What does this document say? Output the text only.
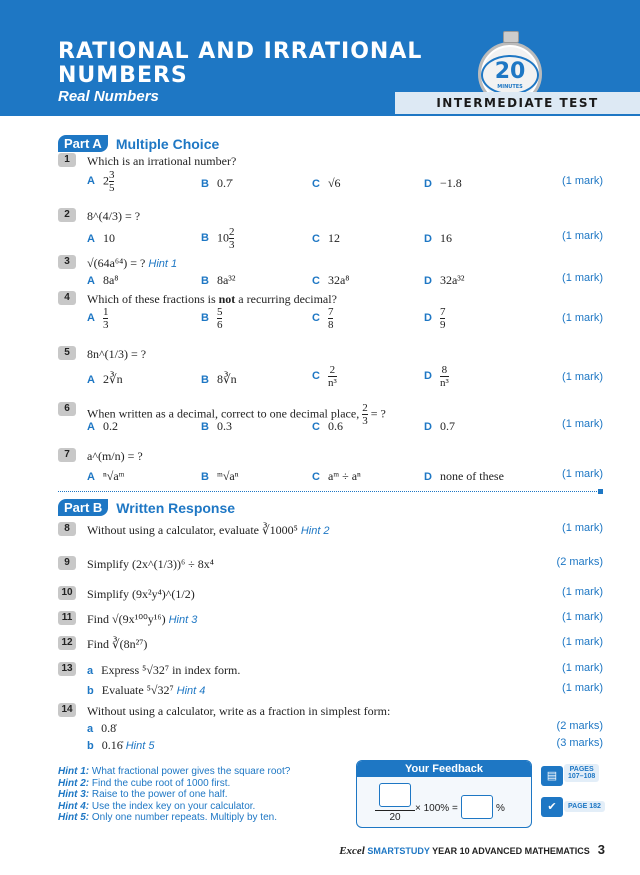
RATIONAL AND IRRATIONAL
NUMBERS
Real Numbers
20
MINUTES
INTERMEDIATE TEST
Part A	Multiple Choice
1	Which is an irrational number?
A $2 \frac{3}{5}$	B 0.7̇	C √6	D −1.8	(1 mark)
2	8^(4/3) = ?
A 10	B $10 \frac{2}{3}$	C 12	D 16	(1 mark)
3	√(64a⁶⁴) = ? Hint 1
A 8a⁸	B 8a³²	C 32a⁸	D 32a³²	(1 mark)
4	Which of these fractions is not a recurring decimal?
A $\frac{1}{3}$	B $\frac{5}{6}$	C $\frac{7}{8}$	D $\frac{7}{9}$	(1 mark)
5	8n^(1/3) = ?
A 2∛n	B 8∛n	C $\frac{2}{\text{n³}}$	D $\frac{8}{\text{n³}}$	(1 mark)
6	When written as a decimal, correct to one decimal place, $\frac{2}{3}$ = ?
A 0.2	B 0.3	C 0.6	D 0.7	(1 mark)
7	a^(m/n) = ?
A ⁿ√aᵐ	B ᵐ√aⁿ	C aᵐ ÷ aⁿ	D none of these	(1 mark)
Part B	Written Response
8	Without using a calculator, evaluate ∛1000⁵ Hint 2	(1 mark)
9	Simplify (2x^(1/3))⁶ ÷ 8x⁴	(2 marks)
10 Simplify (9x²y⁴)^(1/2)	(1 mark)
11	Find √(9x¹⁰⁰y¹⁶) Hint 3	(1 mark)
12 Find ∛(8n²⁷)	(1 mark)
13	a Express ⁵√32⁷ in index form.	(1 mark)
b Evaluate ⁵√32⁷ Hint 4	(1 mark)
14 Without using a calculator, write as a fraction in simplest form:
a 0.8̇	(2 marks)
b 0.16̇ Hint 5	(3 marks)
Hint 1: What fractional power gives the square root?
Hint 2: Find the cube root of 1000 first.
Hint 3: Raise to the power of one half.
Hint 4: Use the index key on your calculator.
Hint 5: Only one number repeats. Multiply by ten.
Your Feedback
20
× 100% =	%
▤
PAGES
107–108
✔	PAGE 182
Excel SMARTSTUDY YEAR 10 ADVANCED MATHEMATICS 3
